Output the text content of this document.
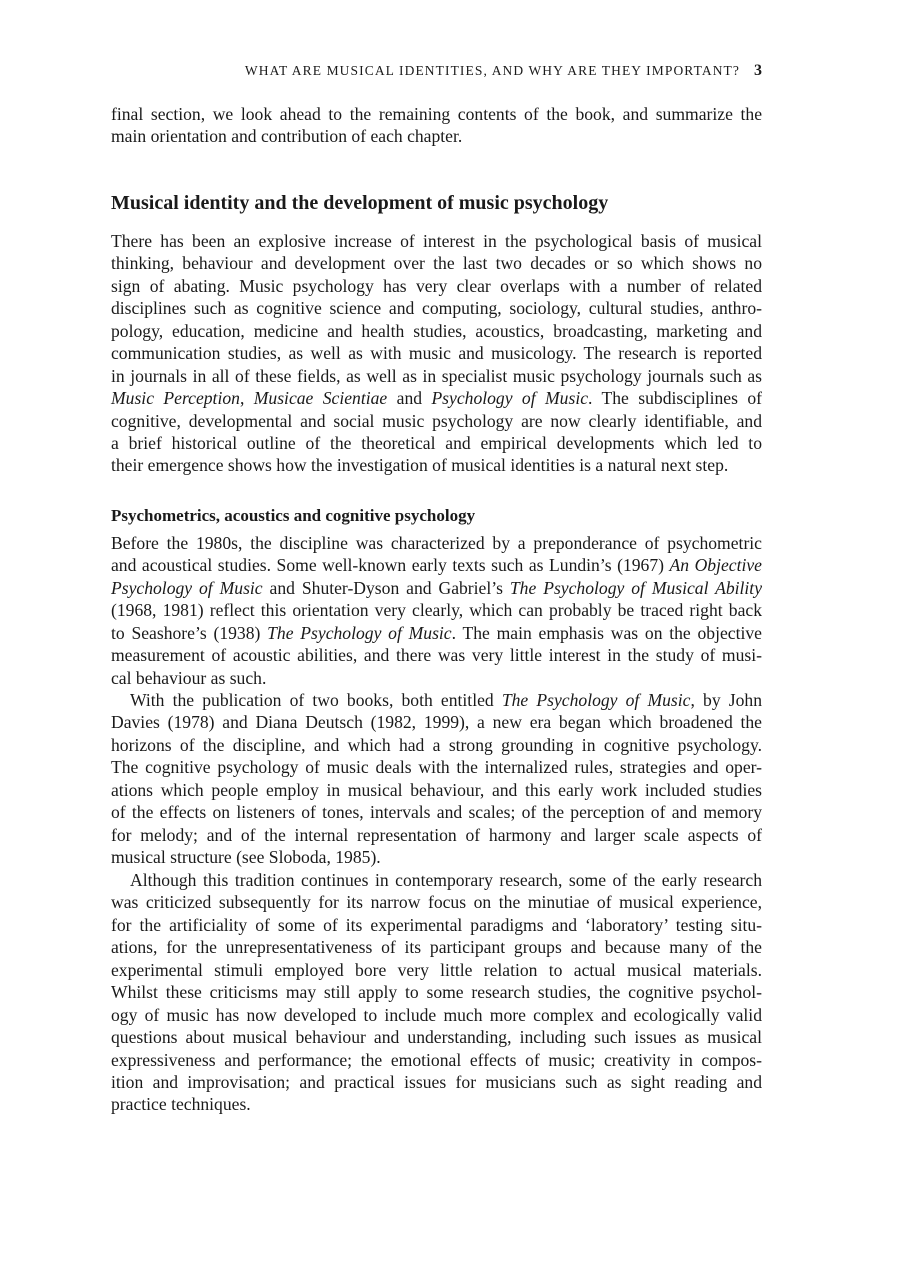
WHAT ARE MUSICAL IDENTITIES, AND WHY ARE THEY IMPORTANT? 3
final section, we look ahead to the remaining contents of the book, and summarize the
main orientation and contribution of each chapter.
Musical identity and the development of music psychology
There has been an explosive increase of interest in the psychological basis of musical
thinking, behaviour and development over the last two decades or so which shows no
sign of abating. Music psychology has very clear overlaps with a number of related
disciplines such as cognitive science and computing, sociology, cultural studies, anthro-
pology, education, medicine and health studies, acoustics, broadcasting, marketing and
communication studies, as well as with music and musicology. The research is reported
in journals in all of these fields, as well as in specialist music psychology journals such as
Music Perception, Musicae Scientiae and Psychology of Music. The subdisciplines of
cognitive, developmental and social music psychology are now clearly identifiable, and
a brief historical outline of the theoretical and empirical developments which led to
their emergence shows how the investigation of musical identities is a natural next step.
Psychometrics, acoustics and cognitive psychology
Before the 1980s, the discipline was characterized by a preponderance of psychometric
and acoustical studies. Some well-known early texts such as Lundin’s (1967) An Objective
Psychology of Music and Shuter-Dyson and Gabriel’s The Psychology of Musical Ability
(1968, 1981) reflect this orientation very clearly, which can probably be traced right back
to Seashore’s (1938) The Psychology of Music. The main emphasis was on the objective
measurement of acoustic abilities, and there was very little interest in the study of musi-
cal behaviour as such.
With the publication of two books, both entitled The Psychology of Music, by John
Davies (1978) and Diana Deutsch (1982, 1999), a new era began which broadened the
horizons of the discipline, and which had a strong grounding in cognitive psychology.
The cognitive psychology of music deals with the internalized rules, strategies and oper-
ations which people employ in musical behaviour, and this early work included studies
of the effects on listeners of tones, intervals and scales; of the perception of and memory
for melody; and of the internal representation of harmony and larger scale aspects of
musical structure (see Sloboda, 1985).
Although this tradition continues in contemporary research, some of the early research
was criticized subsequently for its narrow focus on the minutiae of musical experience,
for the artificiality of some of its experimental paradigms and ‘laboratory’ testing situ-
ations, for the unrepresentativeness of its participant groups and because many of the
experimental stimuli employed bore very little relation to actual musical materials.
Whilst these criticisms may still apply to some research studies, the cognitive psychol-
ogy of music has now developed to include much more complex and ecologically valid
questions about musical behaviour and understanding, including such issues as musical
expressiveness and performance; the emotional effects of music; creativity in compos-
ition and improvisation; and practical issues for musicians such as sight reading and
practice techniques.
